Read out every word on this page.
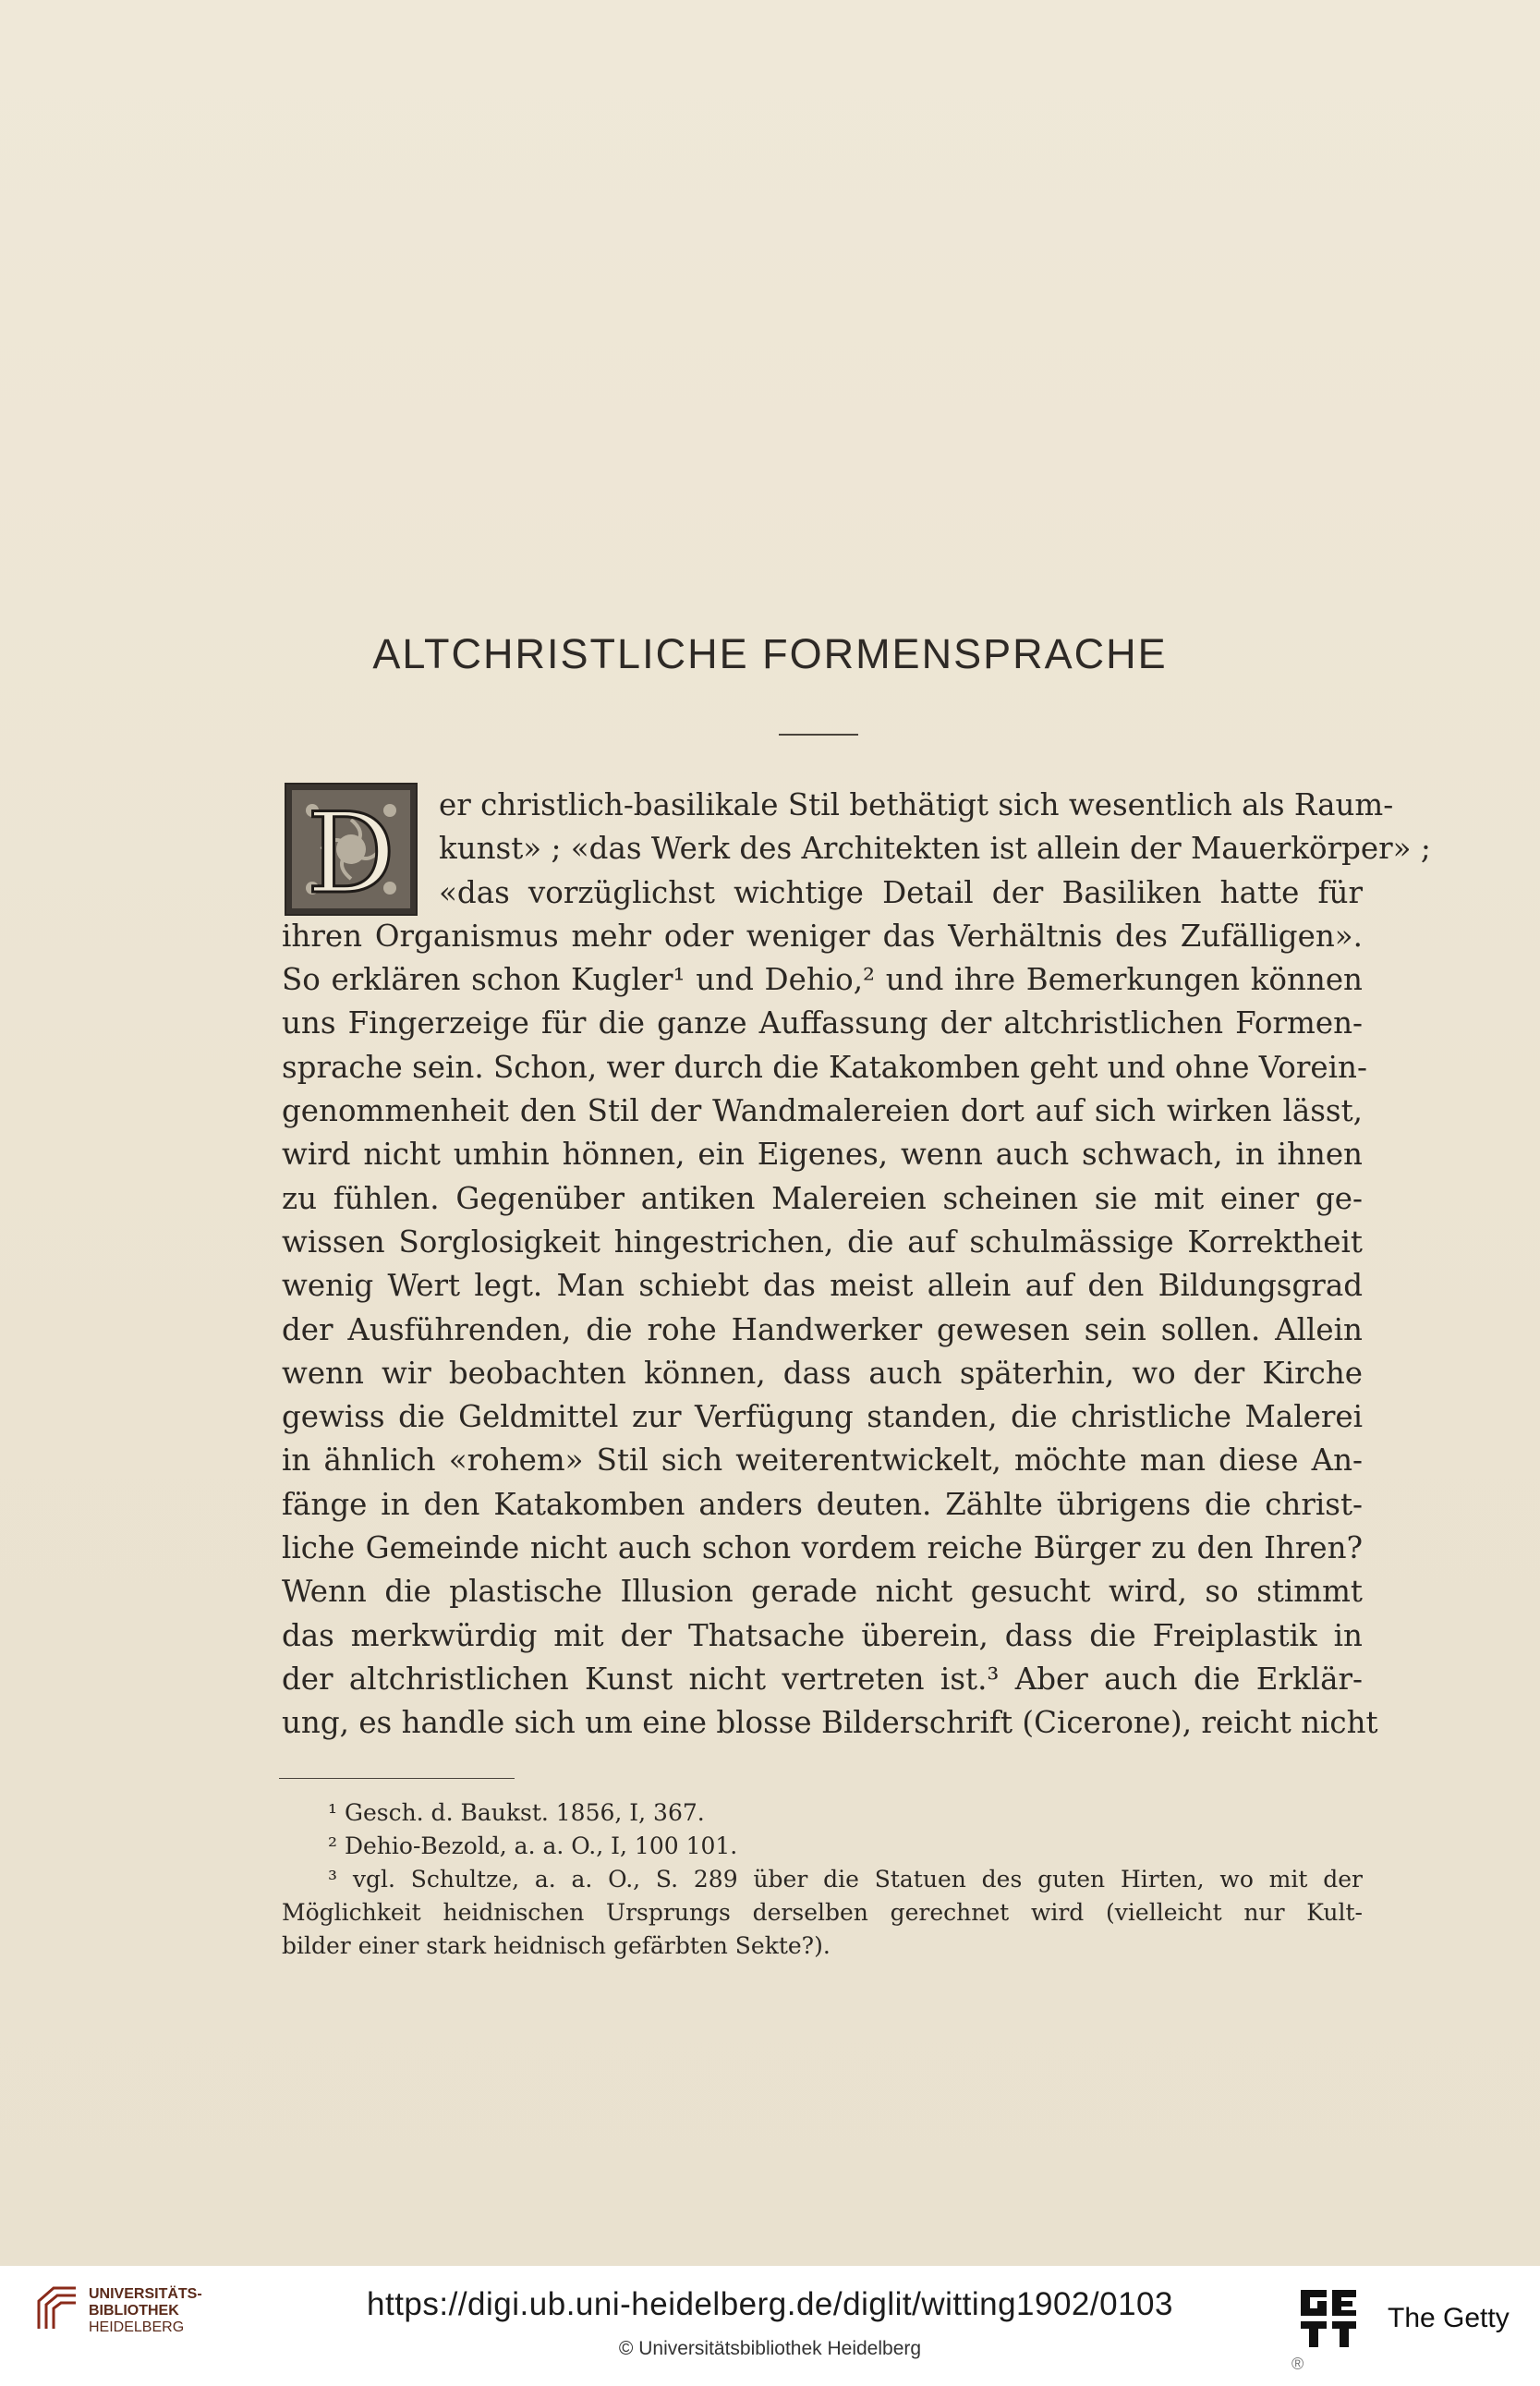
ALTCHRISTLICHE FORMENSPRACHE
D	er christlich-basilikale Stil bethätigt sich wesentlich als Raum-
kunst» ; «das Werk des Architekten ist allein der Mauerkörper» ;
«das vorzüglichst wichtige Detail der Basiliken hatte für
ihren Organismus mehr oder weniger das Verhältnis des Zufälligen».
So erklären schon Kugler¹ und Dehio,² und ihre Bemerkungen können
uns Fingerzeige für die ganze Auffassung der altchristlichen Formen-
sprache sein. Schon, wer durch die Katakomben geht und ohne Vorein-
genommenheit den Stil der Wandmalereien dort auf sich wirken lässt,
wird nicht umhin hönnen, ein Eigenes, wenn auch schwach, in ihnen
zu fühlen. Gegenüber antiken Malereien scheinen sie mit einer ge-
wissen Sorglosigkeit hingestrichen, die auf schulmässige Korrektheit
wenig Wert legt. Man schiebt das meist allein auf den Bildungsgrad
der Ausführenden, die rohe Handwerker gewesen sein sollen. Allein
wenn wir beobachten können, dass auch späterhin, wo der Kirche
gewiss die Geldmittel zur Verfügung standen, die christliche Malerei
in ähnlich «rohem» Stil sich weiterentwickelt, möchte man diese An-
fänge in den Katakomben anders deuten. Zählte übrigens die christ-
liche Gemeinde nicht auch schon vordem reiche Bürger zu den Ihren?
Wenn die plastische Illusion gerade nicht gesucht wird, so stimmt
das merkwürdig mit der Thatsache überein, dass die Freiplastik in
der altchristlichen Kunst nicht vertreten ist.³ Aber auch die Erklär-
ung, es handle sich um eine blosse Bilderschrift (Cicerone), reicht nicht
¹ Gesch. d. Baukst. 1856, I, 367.
² Dehio-Bezold, a. a. O., I, 100 101.
³ vgl. Schultze, a. a. O., S. 289 über die Statuen des guten Hirten, wo mit der
Möglichkeit heidnischen Ursprungs derselben gerechnet wird (vielleicht nur Kult-
bilder einer stark heidnisch gefärbten Sekte?).
UNIVERSITÄTS-
BIBLIOTHEK
HEIDELBERG
https://digi.ub.uni-heidelberg.de/diglit/witting1902/0103
© Universitätsbibliothek Heidelberg
®
The Getty
